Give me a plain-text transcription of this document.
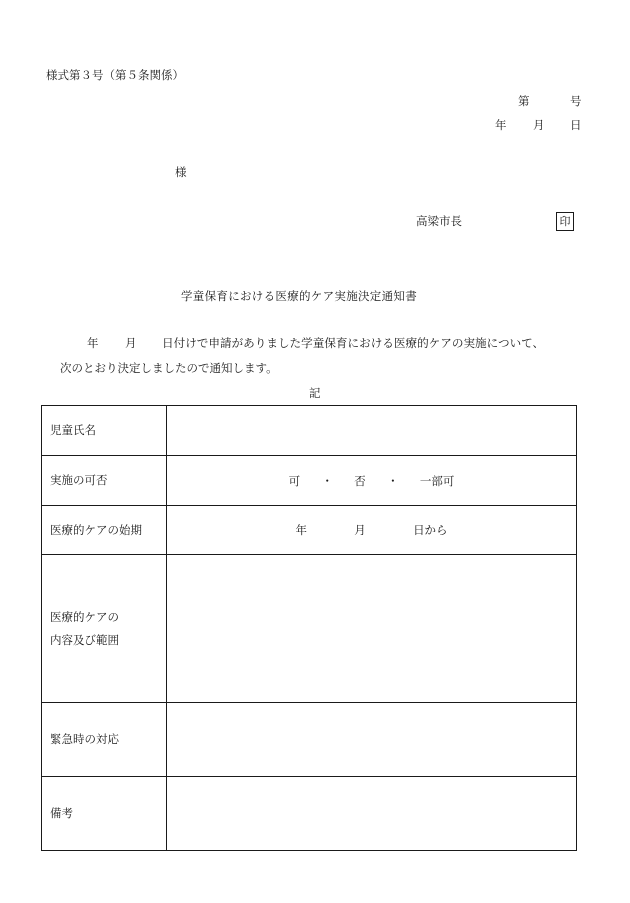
様式第３号（第５条関係）
第	号
年 月 日
様
高梁市長	印
学童保育における医療的ケア実施決定通知書
年 月 日付けで申請がありました学童保育における医療的ケアの実施について、
次のとおり決定しましたので通知します。
記
児童氏名	
実施の可否	可 ・ 否 ・ 一部可
医療的ケアの始期	年 月 日から

医療的ケアの
内容及び範囲	

緊急時の対応	
備考	
